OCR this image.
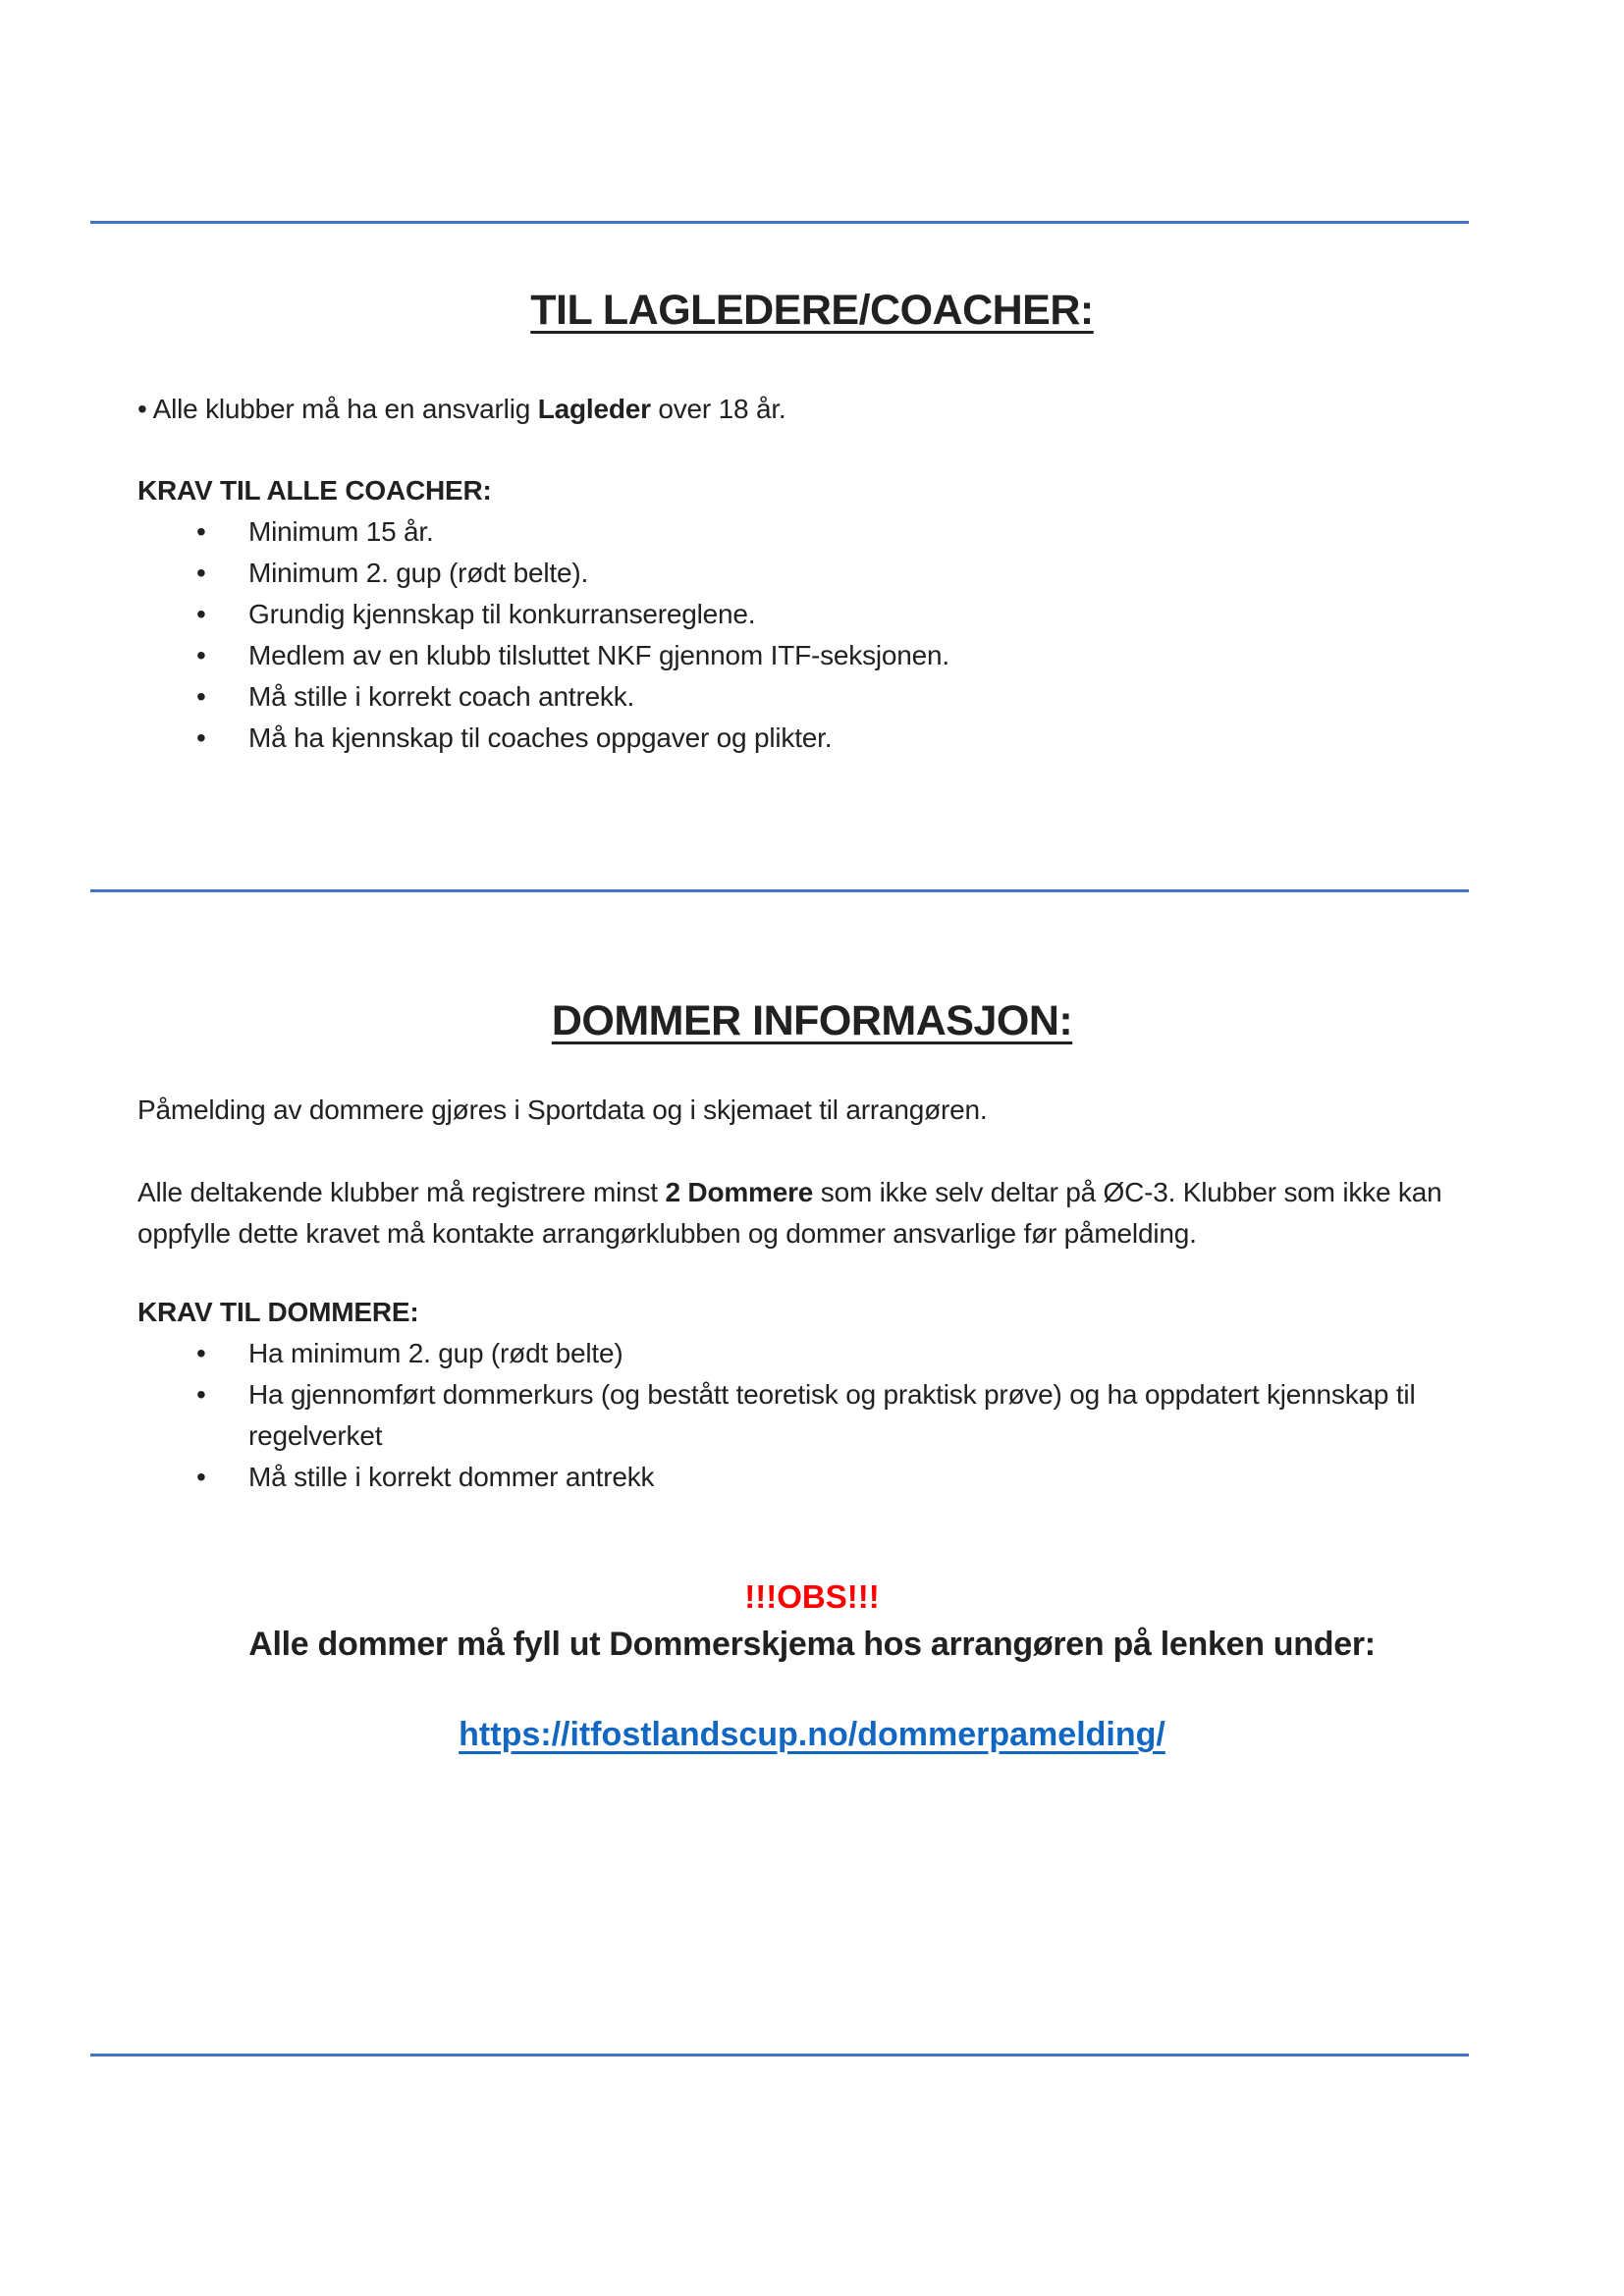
TIL LAGLEDERE/COACHER:

• Alle klubber må ha en ansvarlig Lagleder over 18 år.

KRAV TIL ALLE COACHER:

• Minimum 15 år.
• Minimum 2. gup (rødt belte).
• Grundig kjennskap til konkurransereglene.
• Medlem av en klubb tilsluttet NKF gjennom ITF-seksjonen.
• Må stille i korrekt coach antrekk.
• Må ha kjennskap til coaches oppgaver og plikter.
DOMMER INFORMASJON:

Påmelding av dommere gjøres i Sportdata og i skjemaet til arrangøren.

Alle deltakende klubber må registrere minst 2 Dommere som ikke selv deltar på ØC-3. Klubber som ikke kan oppfylle dette kravet må kontakte arrangørklubben og dommer ansvarlige før påmelding.

KRAV TIL DOMMERE:

• Ha minimum 2. gup (rødt belte)
• Ha gjennomført dommerkurs (og bestått teoretisk og praktisk prøve) og ha oppdatert kjennskap til regelverket
• Må stille i korrekt dommer antrekk

!!!OBS!!!

Alle dommer må fyll ut Dommerskjema hos arrangøren på lenken under:

https://itfostlandscup.no/dommerpamelding/
